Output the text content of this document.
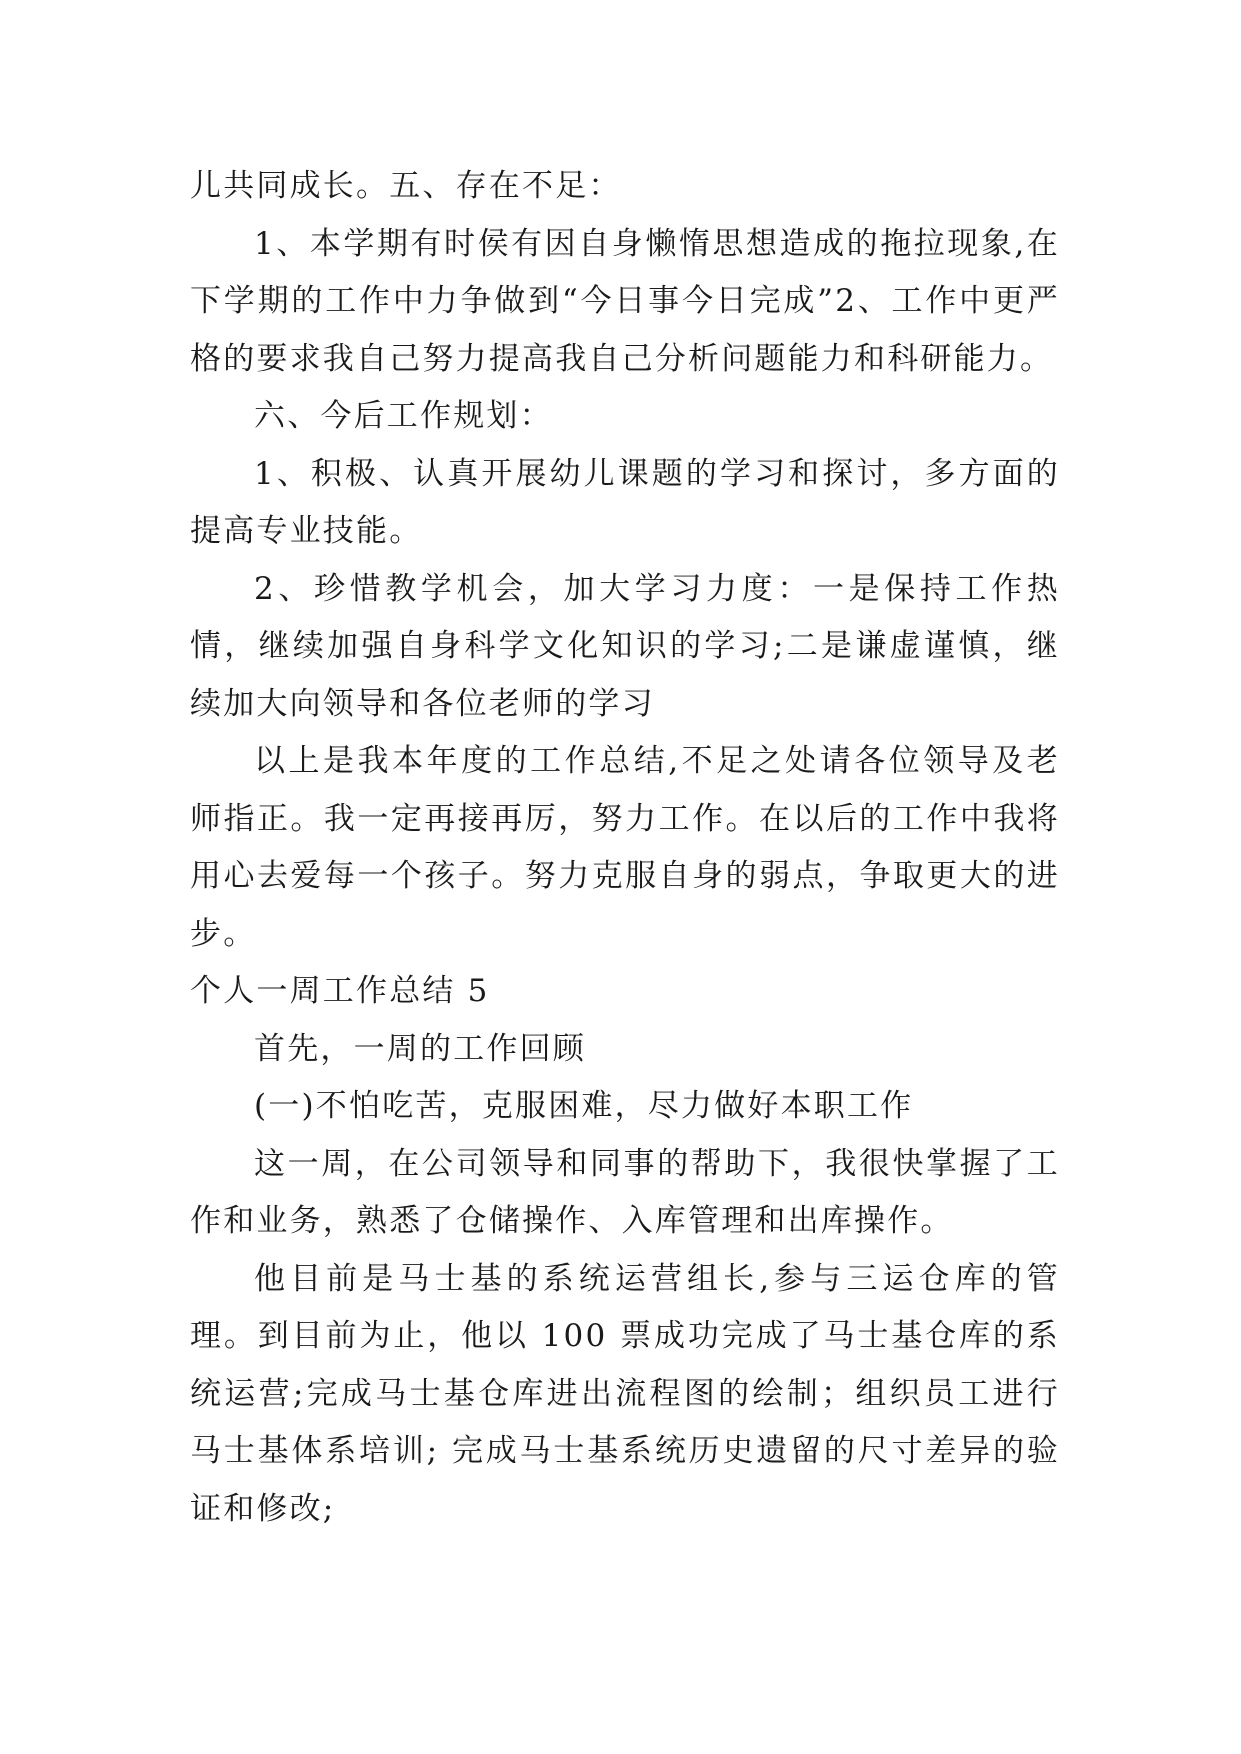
儿共同成长。五、存在不足：

1、本学期有时侯有因自身懒惰思想造成的拖拉现象,在下学期的工作中力争做到“今日事今日完成”2、工作中更严格的要求我自己努力提高我自己分析问题能力和科研能力。

六、今后工作规划：

1、积极、认真开展幼儿课题的学习和探讨，多方面的提高专业技能。

2、珍惜教学机会，加大学习力度：一是保持工作热情，继续加强自身科学文化知识的学习;二是谦虚谨慎，继续加大向领导和各位老师的学习

以上是我本年度的工作总结,不足之处请各位领导及老师指正。我一定再接再厉，努力工作。在以后的工作中我将用心去爱每一个孩子。努力克服自身的弱点，争取更大的进步。

个人一周工作总结 5

首先，一周的工作回顾

(一)不怕吃苦，克服困难，尽力做好本职工作

这一周，在公司领导和同事的帮助下，我很快掌握了工作和业务，熟悉了仓储操作、入库管理和出库操作。

他目前是马士基的系统运营组长,参与三运仓库的管理。到目前为止，他以 100 票成功完成了马士基仓库的系统运营;完成马士基仓库进出流程图的绘制；组织员工进行马士基体系培训; 完成马士基系统历史遗留的尺寸差异的验证和修改;
